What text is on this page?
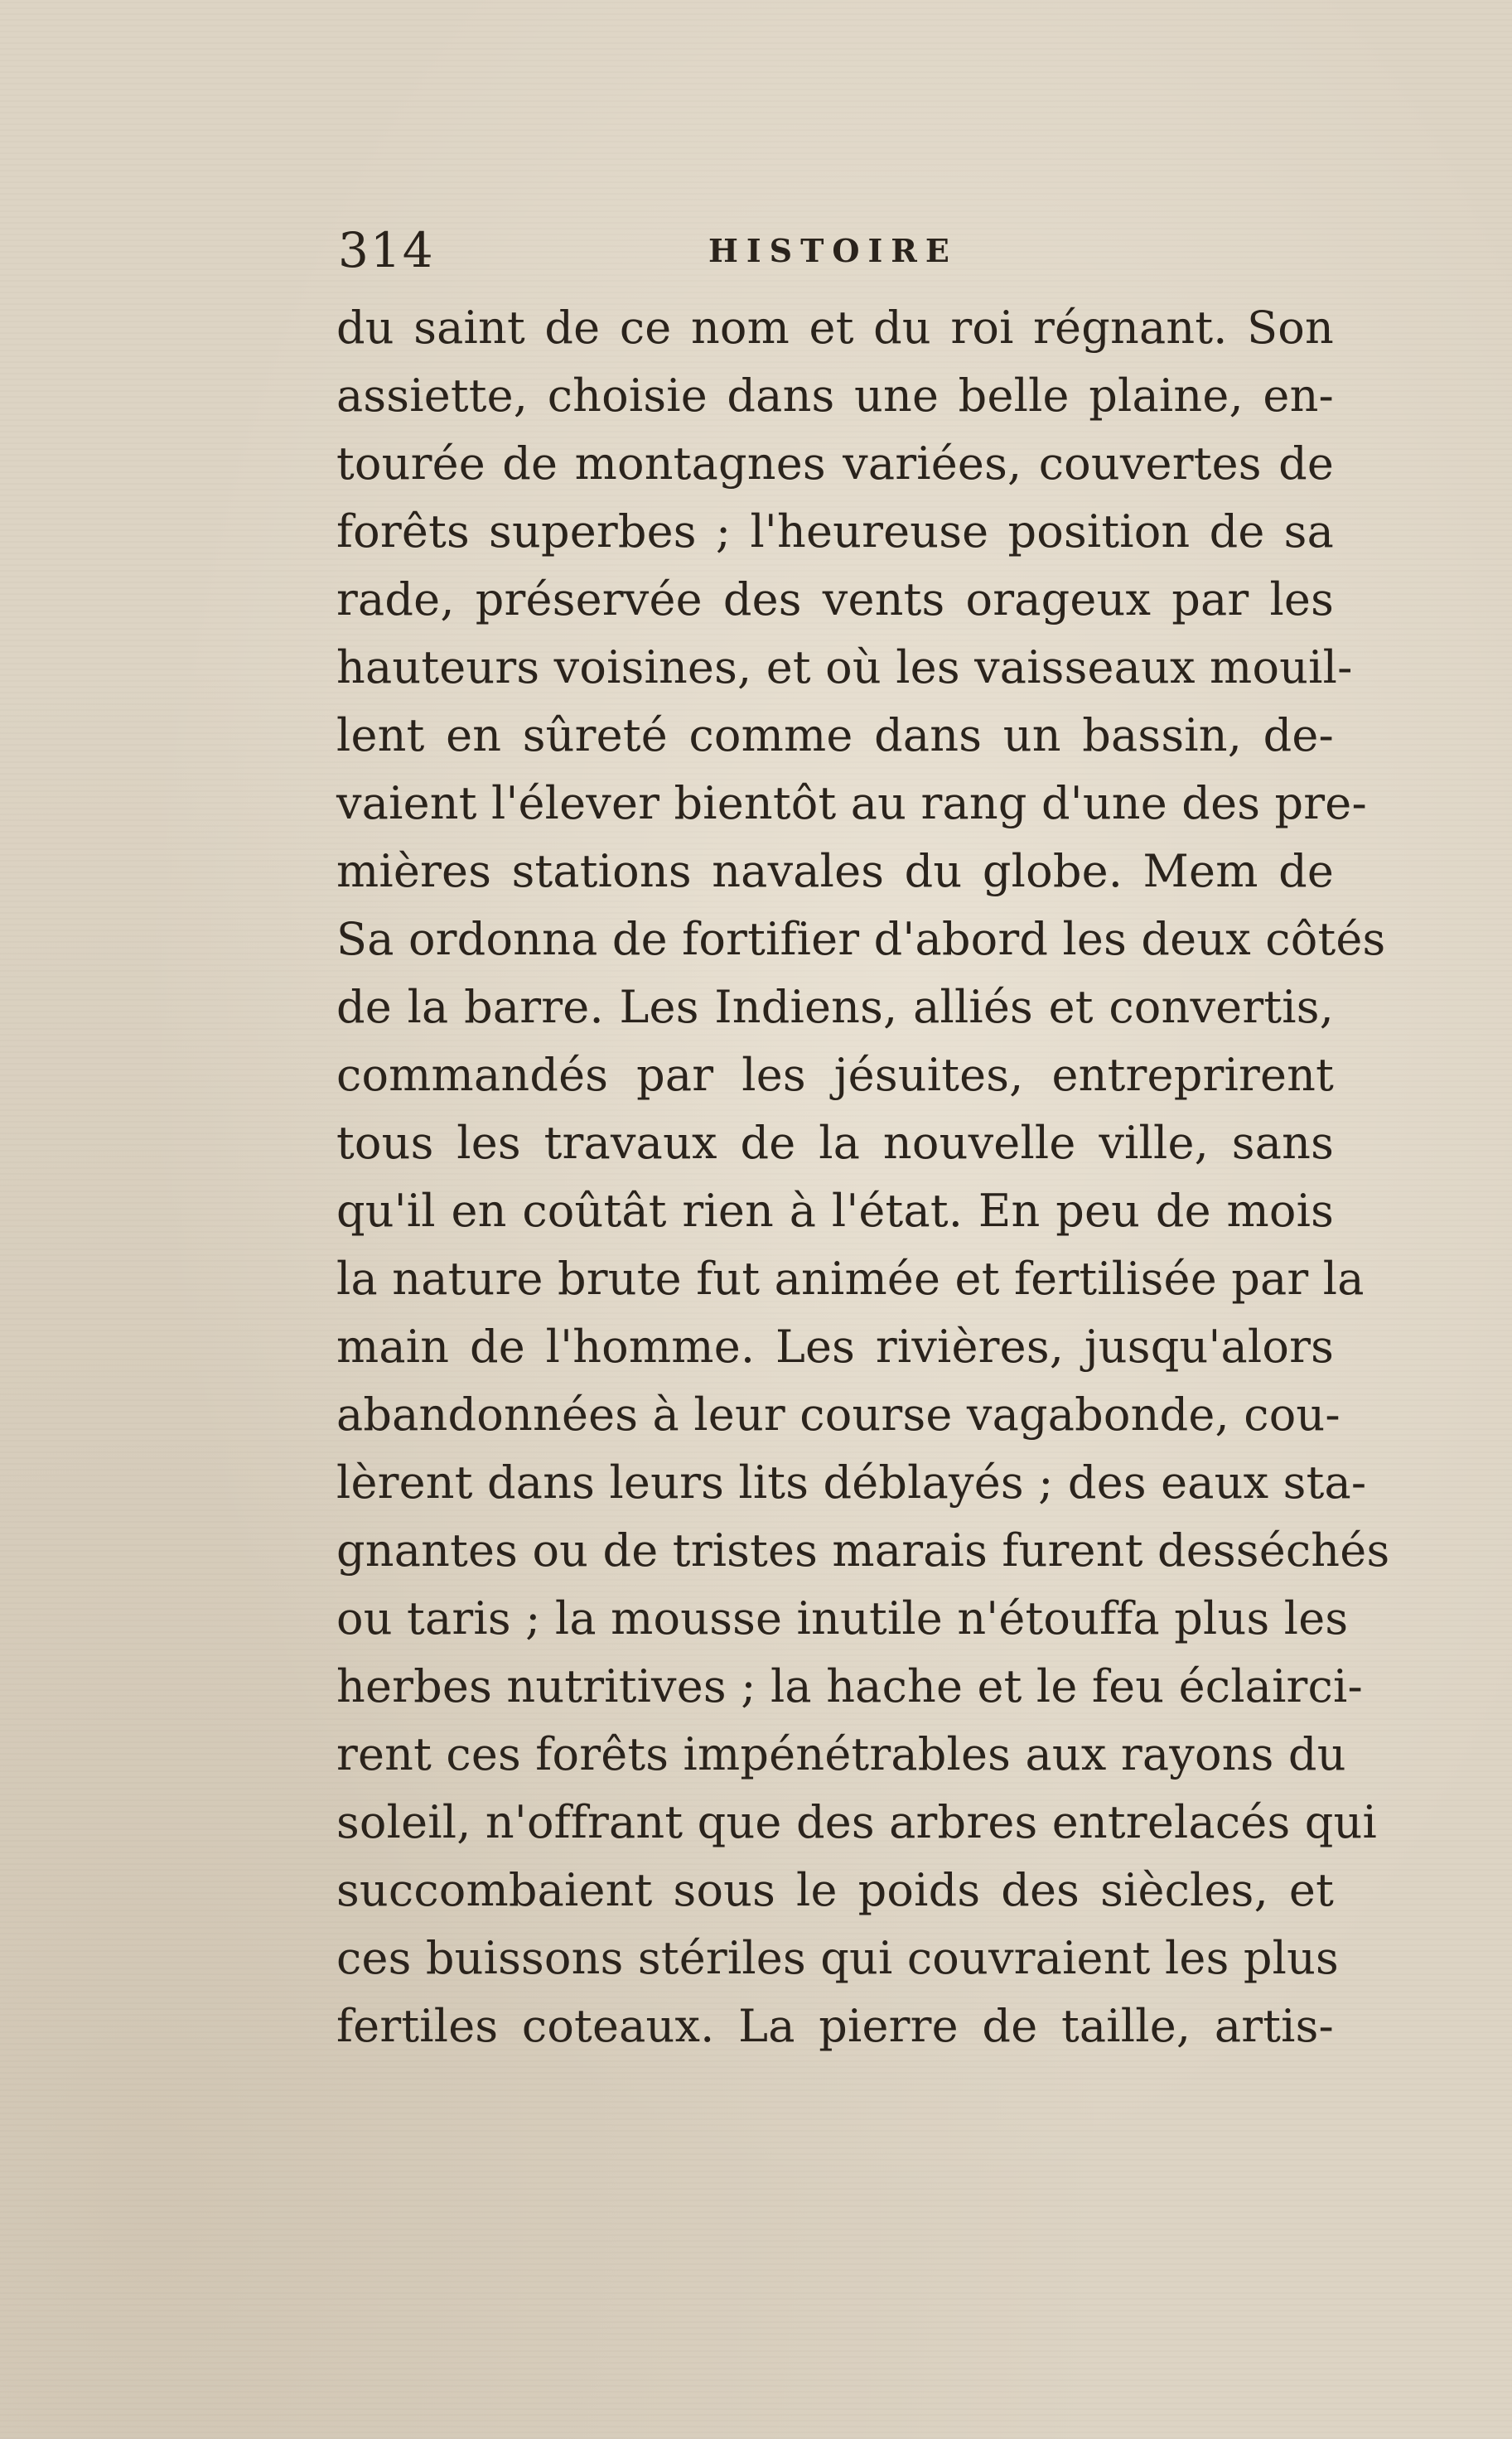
314	HISTOIRE
du saint de ce nom et du roi régnant. Son
assiette, choisie dans une belle plaine, en-
tourée de montagnes variées, couvertes de
forêts superbes ; l'heureuse position de sa
rade, préservée des vents orageux par les
hauteurs voisines, et où les vaisseaux mouil-
lent en sûreté comme dans un bassin, de-
vaient l'élever bientôt au rang d'une des pre-
mières stations navales du globe. Mem de
Sa ordonna de fortifier d'abord les deux côtés
de la barre. Les Indiens, alliés et convertis,
commandés par les jésuites, entreprirent
tous les travaux de la nouvelle ville, sans
qu'il en coûtât rien à l'état. En peu de mois
la nature brute fut animée et fertilisée par la
main de l'homme. Les rivières, jusqu'alors
abandonnées à leur course vagabonde, cou-
lèrent dans leurs lits déblayés ; des eaux sta-
gnantes ou de tristes marais furent desséchés
ou taris ; la mousse inutile n'étouffa plus les
herbes nutritives ; la hache et le feu éclairci-
rent ces forêts impénétrables aux rayons du
soleil, n'offrant que des arbres entrelacés qui
succombaient sous le poids des siècles, et
ces buissons stériles qui couvraient les plus
fertiles coteaux. La pierre de taille, artis-
